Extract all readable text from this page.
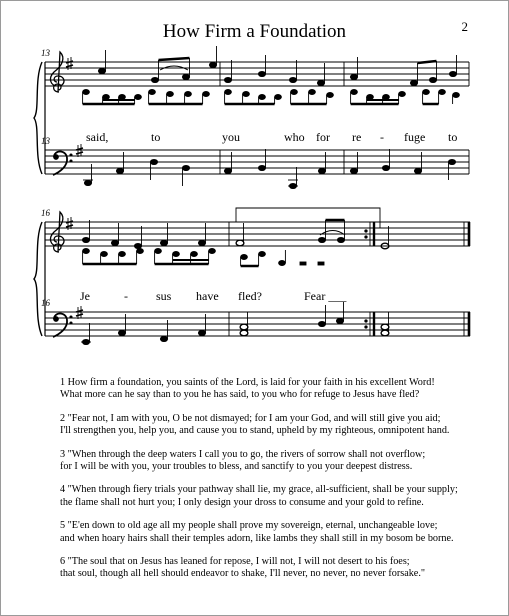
How Firm a Foundation	2
13
13
16
16
said,	to	you	who for re - fuge to
Je	- sus have fled?	Fear ___

1 How firm a foundation, you saints of the Lord, is laid for your faith in his excellent Word!

What more can he say than to you he has said, to you who for refuge to Jesus have fled?

2 "Fear not, I am with you, O be not dismayed; for I am your God, and will still give you aid;

I'll strengthen you, help you, and cause you to stand, upheld by my righteous, omnipotent hand.

3 "When through the deep waters I call you to go, the rivers of sorrow shall not overflow;

for I will be with you, your troubles to bless, and sanctify to you your deepest distress.

4 "When through fiery trials your pathway shall lie, my grace, all-sufficient, shall be your supply;

the flame shall not hurt you; I only design your dross to consume and your gold to refine.

5 "E'en down to old age all my people shall prove my sovereign, eternal, unchangeable love;

and when hoary hairs shall their temples adorn, like lambs they shall still in my bosom be borne.

6 "The soul that on Jesus has leaned for repose, I will not, I will not desert to his foes;

that soul, though all hell should endeavor to shake, I'll never, no never, no never forsake."
